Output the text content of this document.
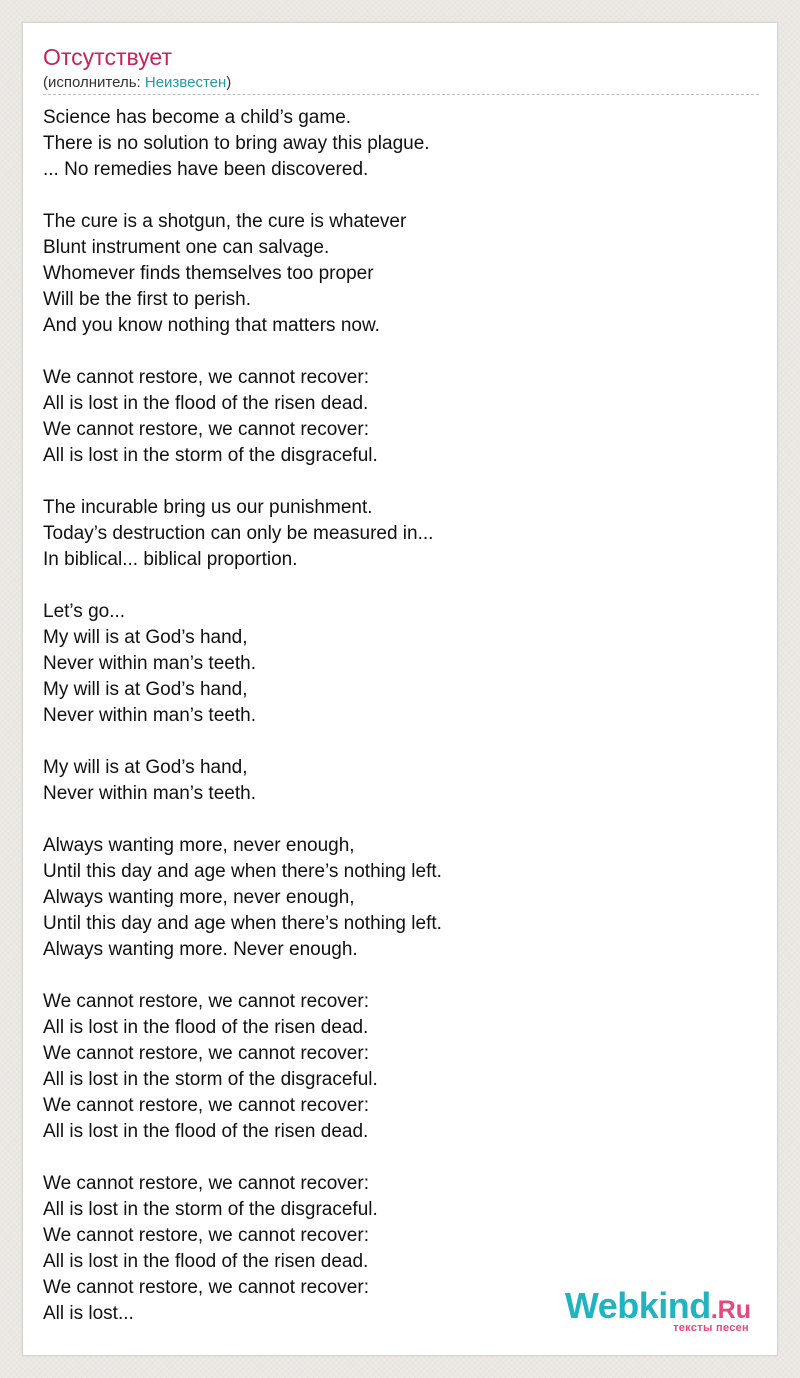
Отсутствует
(исполнитель: Неизвестен)
Science has become a child’s game.
There is no solution to bring away this plague.
... No remedies have been discovered.
The cure is a shotgun, the cure is whatever
Blunt instrument one can salvage.
Whomever finds themselves too proper
Will be the first to perish.
And you know nothing that matters now.
We cannot restore, we cannot recover:
All is lost in the flood of the risen dead.
We cannot restore, we cannot recover:
All is lost in the storm of the disgraceful.
The incurable bring us our punishment.
Today’s destruction can only be measured in...
In biblical... biblical proportion.
Let’s go...
My will is at God’s hand,
Never within man’s teeth.
My will is at God’s hand,
Never within man’s teeth.
My will is at God’s hand,
Never within man’s teeth.
Always wanting more, never enough,
Until this day and age when there’s nothing left.
Always wanting more, never enough,
Until this day and age when there’s nothing left.
Always wanting more. Never enough.
We cannot restore, we cannot recover:
All is lost in the flood of the risen dead.
We cannot restore, we cannot recover:
All is lost in the storm of the disgraceful.
We cannot restore, we cannot recover:
All is lost in the flood of the risen dead.
We cannot restore, we cannot recover:
All is lost in the storm of the disgraceful.
We cannot restore, we cannot recover:
All is lost in the flood of the risen dead.
We cannot restore, we cannot recover:
All is lost...	Webkind.Ru
тексты песен
